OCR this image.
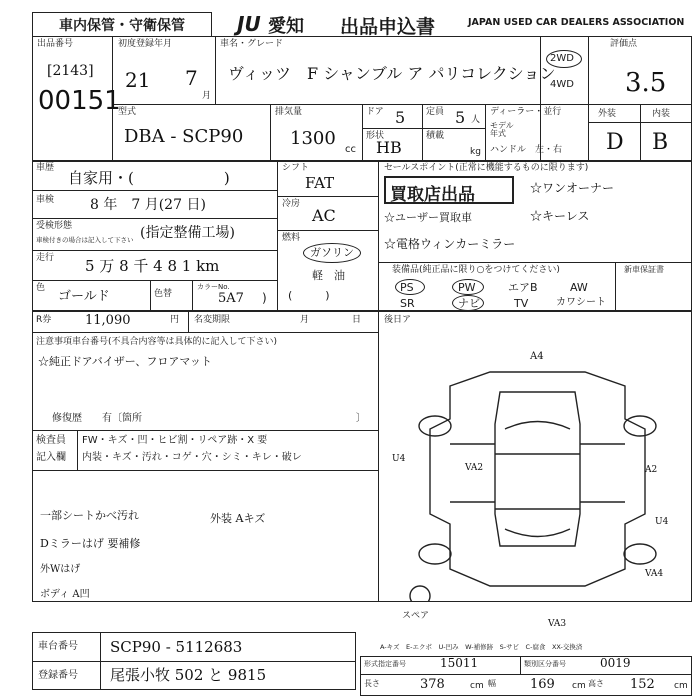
車内保管・守衛保管	JU 愛知 出品申込書	JAPAN USED CAR DEALERS ASSOCIATION
出品番号
[2143]
00151
初度登録年月
21 7
月
車名・グレード
ヴィッツ　F シャンブル ア パリコレクション
2WD
4WD
評価点
3.5
型式
DBA - SCP90
排気量
1300
cc
ドア 5 定員 5 人
形状
HB
積載
kg
ディーラー・並行
モデル
年式
ハンドル　左・右
外装	内装
D B
車歴
自家用・(　　　　　　)
車検	8 年　7 月(27 日)
受検形態
車検付きの場合は記入して下さい (指定整備工場)
走行 5 万 8 千 4 8 1 km
色
ゴールド	色替
カラーNo.
5A7 )
シフト
FAT
冷房
AC
燃料
ガソリン
軽　油
(　　　)
セールスポイント(正常に機能するものに限ります)
買取店出品	☆ワンオーナー
☆ユーザー買取車	☆キーレス
☆電格ウィンカーミラー
装備品(純正品に限り○をつけてください)	新車保証書
PS	PW	エアB	AW
SR	ナビ	TV	カワシート
R券	11,090	円 名変期限	月	日	後日ア
注意事項車台番号(不具合内容等は具体的に記入して下さい)
☆純正ドアバイザー、フロアマット
修復歴　　有〔箇所	〕
検査員
記入欄
FW・キズ・凹・ヒビ割・リペア跡・X 要
内装・キズ・汚れ・コゲ・穴・シミ・キレ・破レ
一部シートかべ汚れ	外装 Aキズ
Dミラーはげ 要補修
外Wはげ
ボディ A凹
スペア
A4
U4
VA2	A2
VA4
U4
VA3
A-キズ　E-エクボ　U-凹み　W-補修跡　S-サビ　C-腐食　XX-交換済
車台番号 SCP90 - 5112683
登録番号 尾張小牧 502 と 9815
形式指定番号	15011	類別区分番号	0019
長さ	378	cm 幅	169 cm 高さ 152 cm
